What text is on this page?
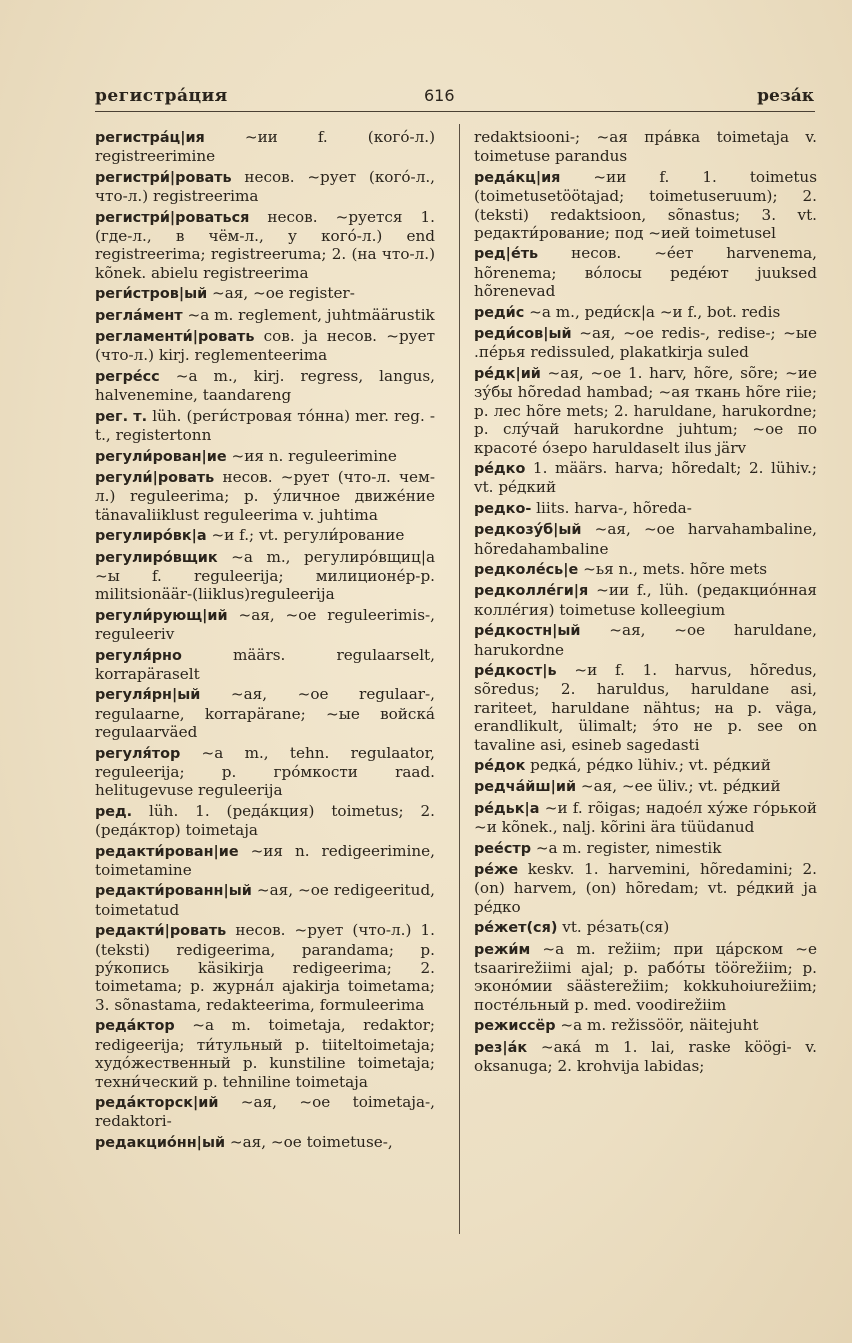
регистра́ция	616	реза́к

регистра́ц|ия ~ии f. (кого́-л.) registreerimine

регистри́|ровать несов. ~рует (кого́-л., что-л.) registreerima

регистри́|роваться несов. ~руется 1. (где-л., в чём-л., у кого́-л.) end registreerima; registreeruma; 2. (на что-л.) kõnek. abielu registreerima

реги́стров|ый ~ая, ~ое register-

регла́мент ~а m. reglement, juhtmäärustik

регламенти́|ровать сов. ja несов. ~рует (что-л.) kirj. reglementeerima

регре́сс ~а m., kirj. regress, langus, halvenemine, taandareng

рег. т. lüh. (реги́стровая то́нна) mer. reg. -t., registertonn

регули́рован|ие ~ия n. reguleerimine

регули́|ровать несов. ~рует (что-л. чем-л.) reguleerima; р. у́личное движе́ние tänavaliiklust reguleerima v. juhtima

регулиро́вк|а ~и f.; vt. регули́рование

регулиро́вщик ~а m., регулиро́вщиц|а ~ы f. reguleerija; милиционе́р-р. militsionäär-(liiklus)reguleerija

регули́рующ|ий ~ая, ~ое reguleerimis-, reguleeriv

регуля́рно määrs. regulaarselt, korrapäraselt

регуля́рн|ый ~ая, ~ое regulaar-, regulaarne, korrapärane; ~ые войска́ regulaarväed

регуля́тор ~а m., tehn. regulaator, reguleerija; р. гро́мкости raad. helitugevuse reguleerija

ред. lüh. 1. (реда́кция) toimetus; 2. (реда́ктор) toimetaja

редакти́рован|ие ~ия n. redigeerimine, toimetamine

редакти́рованн|ый ~ая, ~ое redigeeritud, toimetatud

редакти́|ровать несов. ~рует (что-л.) 1. (teksti) redigeerima, parandama; р. ру́копись käsikirja redigeerima; 2. toimetama; р. журна́л ajakirja toimetama; 3. sõnastama, redakteerima, formuleerima

реда́ктор ~а m. toimetaja, redaktor; redigeerija; ти́тульный р. tiiteltoimetaja; худо́жественный р. kunstiline toimetaja; техни́ческий р. tehniline toimetaja

реда́кторск|ий ~ая, ~ое toimetaja-, redaktori-

редакцио́нн|ый ~ая, ~ое toimetuse-,

redaktsiooni-; ~ая пра́вка toimetaja v. toimetuse parandus

реда́кц|ия ~ии f. 1. toimetus (toimetusetöötajad; toimetuseruum); 2. (teksti) redaktsioon, sõnastus; 3. vt. редакти́рование; под ~ией toimetusel

ред|е́ть несов. ~е́ет harvenema, hõrenema; во́лосы реде́ют juuksed hõrenevad

реди́с ~а m., реди́ск|а ~и f., bot. redis

реди́сов|ый ~ая, ~ое redis-, redise-; ~ые .пе́рья redissuled, plakatkirja suled

ре́дк|ий ~ая, ~ое 1. harv, hõre, sõre; ~ие зу́бы hõredad hambad; ~ая ткань hõre riie; р. лес hõre mets; 2. haruldane, harukordne; р. слу́чай harukordne juhtum; ~ое по красоте́ о́зеро haruldaselt ilus järv

ре́дко 1. määrs. harva; hõredalt; 2. lühiv.; vt. ре́дкий

редко- liits. harva-, hõreda-

редкозу́б|ый ~ая, ~ое harvahambaline, hõredahambaline

редколе́сь|е ~ья n., mets. hõre mets

редколле́ги|я ~ии f., lüh. (редакцио́нная колле́гия) toimetuse kolleegium

ре́дкостн|ый ~ая, ~ое haruldane, harukordne

ре́дкост|ь ~и f. 1. harvus, hõredus, sõredus; 2. haruldus, haruldane asi, rariteet, haruldane nähtus; на р. väga, erandlikult, ülimalt; э́то не р. see on tavaline asi, esineb sagedasti

ре́док редка́, ре́дко lühiv.; vt. ре́дкий

редча́йш|ий ~ая, ~ее üliv.; vt. ре́дкий

ре́дьк|а ~и f. rõigas; надое́л ху́же го́рькой ~и kõnek., nalj. kõrini ära tüüdanud

рее́стр ~а m. register, nimestik

ре́же keskv. 1. harvemini, hõredamini; 2. (on) harvem, (on) hõredam; vt. ре́дкий ja ре́дко

ре́жет(ся) vt. ре́зать(ся)

режи́м ~а m. režiim; при ца́рском ~е tsaarirežiimi ajal; р. рабо́ты töörežiim; р. эконо́мии säästerežiim; kokkuhoiurežiim; посте́льный р. med. voodirežiim

режиссёр ~а m. režissöör, näitejuht

рез|а́к ~ака́ m 1. lai, raske köögi- v. oksanuga; 2. krohvija labidas;
